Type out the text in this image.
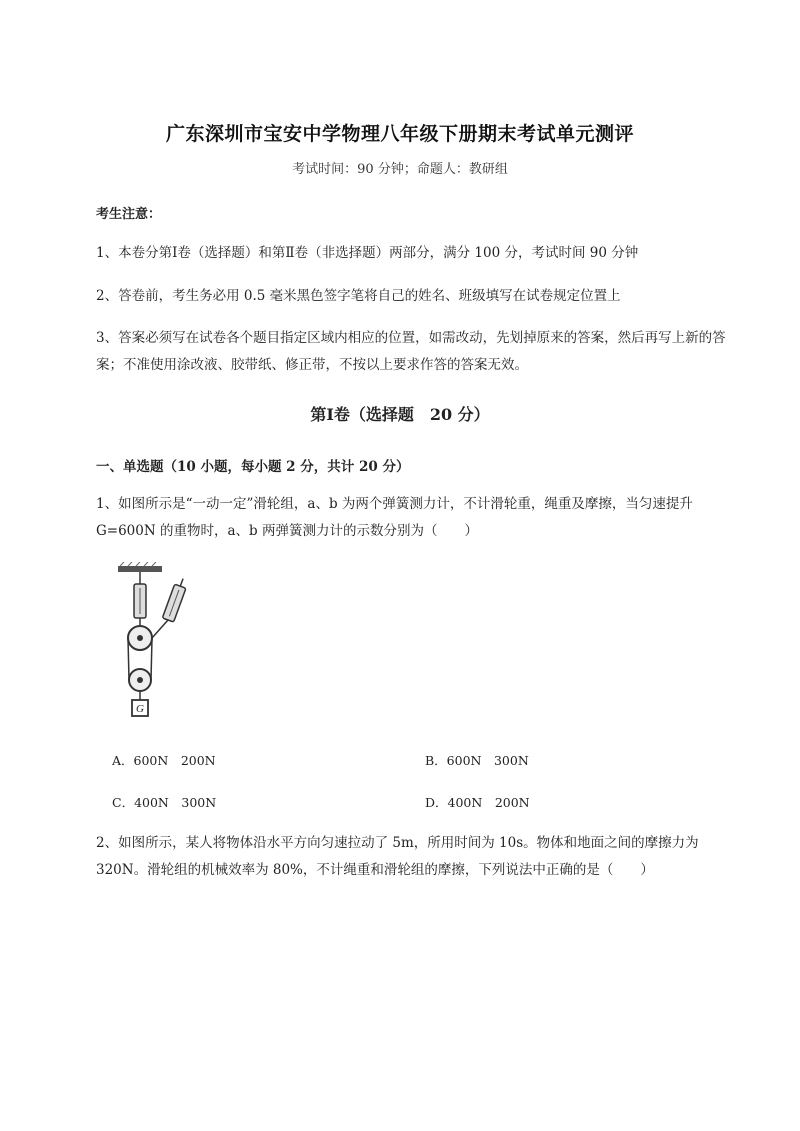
广东深圳市宝安中学物理八年级下册期末考试单元测评
考试时间：90 分钟；命题人：教研组
考生注意：
1、本卷分第Ⅰ卷（选择题）和第Ⅱ卷（非选择题）两部分，满分 100 分，考试时间 90 分钟
2、答卷前，考生务必用 0.5 毫米黑色签字笔将自己的姓名、班级填写在试卷规定位置上
3、答案必须写在试卷各个题目指定区域内相应的位置，如需改动，先划掉原来的答案，然后再写上新的答案；不准使用涂改液、胶带纸、修正带，不按以上要求作答的答案无效。
第Ⅰ卷（选择题　20 分）
一、单选题（10 小题，每小题 2 分，共计 20 分）
1、如图所示是“一动一定”滑轮组，a、b 为两个弹簧测力计，不计滑轮重，绳重及摩擦，当匀速提升 G=600N 的重物时，a、b 两弹簧测力计的示数分别为（　　）
G
A．600N　200N	B．600N　300N
C．400N　300N	D．400N　200N
2、如图所示，某人将物体沿水平方向匀速拉动了 5m，所用时间为 10s。物体和地面之间的摩擦力为 320N。滑轮组的机械效率为 80%，不计绳重和滑轮组的摩擦，下列说法中正确的是（　　）
